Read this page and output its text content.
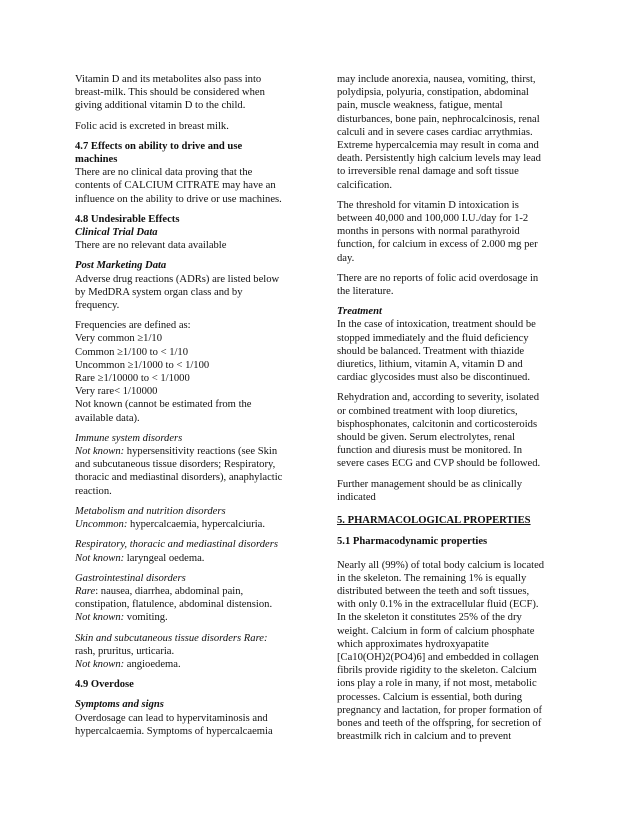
Vitamin D and its metabolites also pass into
breast-milk. This should be considered when
giving additional vitamin D to the child.

Folic acid is excreted in breast milk.

4.7 Effects on ability to drive and use
machines

There are no clinical data proving that the
contents of CALCIUM CITRATE may have an
influence on the ability to drive or use machines.

4.8 Undesirable Effects
Clinical Trial Data

There are no relevant data available

Post Marketing Data

Adverse drug reactions (ADRs) are listed below
by MedDRA system organ class and by
frequency.

Frequencies are defined as:
Very common ≥1/10
Common ≥1/100 to < 1/10
Uncommon ≥1/1000 to < 1/100
Rare ≥1/10000 to < 1/1000
Very rare< 1/10000
Not known (cannot be estimated from the
available data).

Immune system disorders
Not known: hypersensitivity reactions (see Skin
and subcutaneous tissue disorders; Respiratory,
thoracic and mediastinal disorders), anaphylactic
reaction.

Metabolism and nutrition disorders
Uncommon: hypercalcaemia, hypercalciuria.

Respiratory, thoracic and mediastinal disorders
Not known: laryngeal oedema.

Gastrointestinal disorders
Rare: nausea, diarrhea, abdominal pain,
constipation, flatulence, abdominal distension.
Not known: vomiting.

Skin and subcutaneous tissue disorders Rare:
rash, pruritus, urticaria.
Not known: angioedema.

4.9 Overdose

Symptoms and signs

Overdosage can lead to hypervitaminosis and
hypercalcaemia. Symptoms of hypercalcaemia

may include anorexia, nausea, vomiting, thirst,
polydipsia, polyuria, constipation, abdominal
pain, muscle weakness, fatigue, mental
disturbances, bone pain, nephrocalcinosis, renal
calculi and in severe cases cardiac arrythmias.
Extreme hypercalcemia may result in coma and
death. Persistently high calcium levels may lead
to irreversible renal damage and soft tissue
calcification.

The threshold for vitamin D intoxication is
between 40,000 and 100,000 I.U./day for 1-2
months in persons with normal parathyroid
function, for calcium in excess of 2.000 mg per
day.

There are no reports of folic acid overdosage in
the literature.

Treatment

In the case of intoxication, treatment should be
stopped immediately and the fluid deficiency
should be balanced. Treatment with thiazide
diuretics, lithium, vitamin A, vitamin D and
cardiac glycosides must also be discontinued.

Rehydration and, according to severity, isolated
or combined treatment with loop diuretics,
bisphosphonates, calcitonin and corticosteroids
should be given. Serum electrolytes, renal
function and diuresis must be monitored. In
severe cases ECG and CVP should be followed.

Further management should be as clinically
indicated

5. PHARMACOLOGICAL PROPERTIES
5.1 Pharmacodynamic properties

Nearly all (99%) of total body calcium is located
in the skeleton. The remaining 1% is equally
distributed between the teeth and soft tissues,
with only 0.1% in the extracellular fluid (ECF).
In the skeleton it constitutes 25% of the dry
weight. Calcium in form of calcium phosphate
which approximates hydroxyapatite
[Ca10(OH)2(PO4)6] and embedded in collagen
fibrils provide rigidity to the skeleton. Calcium
ions play a role in many, if not most, metabolic
processes. Calcium is essential, both during
pregnancy and lactation, for proper formation of
bones and teeth of the offspring, for secretion of
breastmilk rich in calcium and to prevent
